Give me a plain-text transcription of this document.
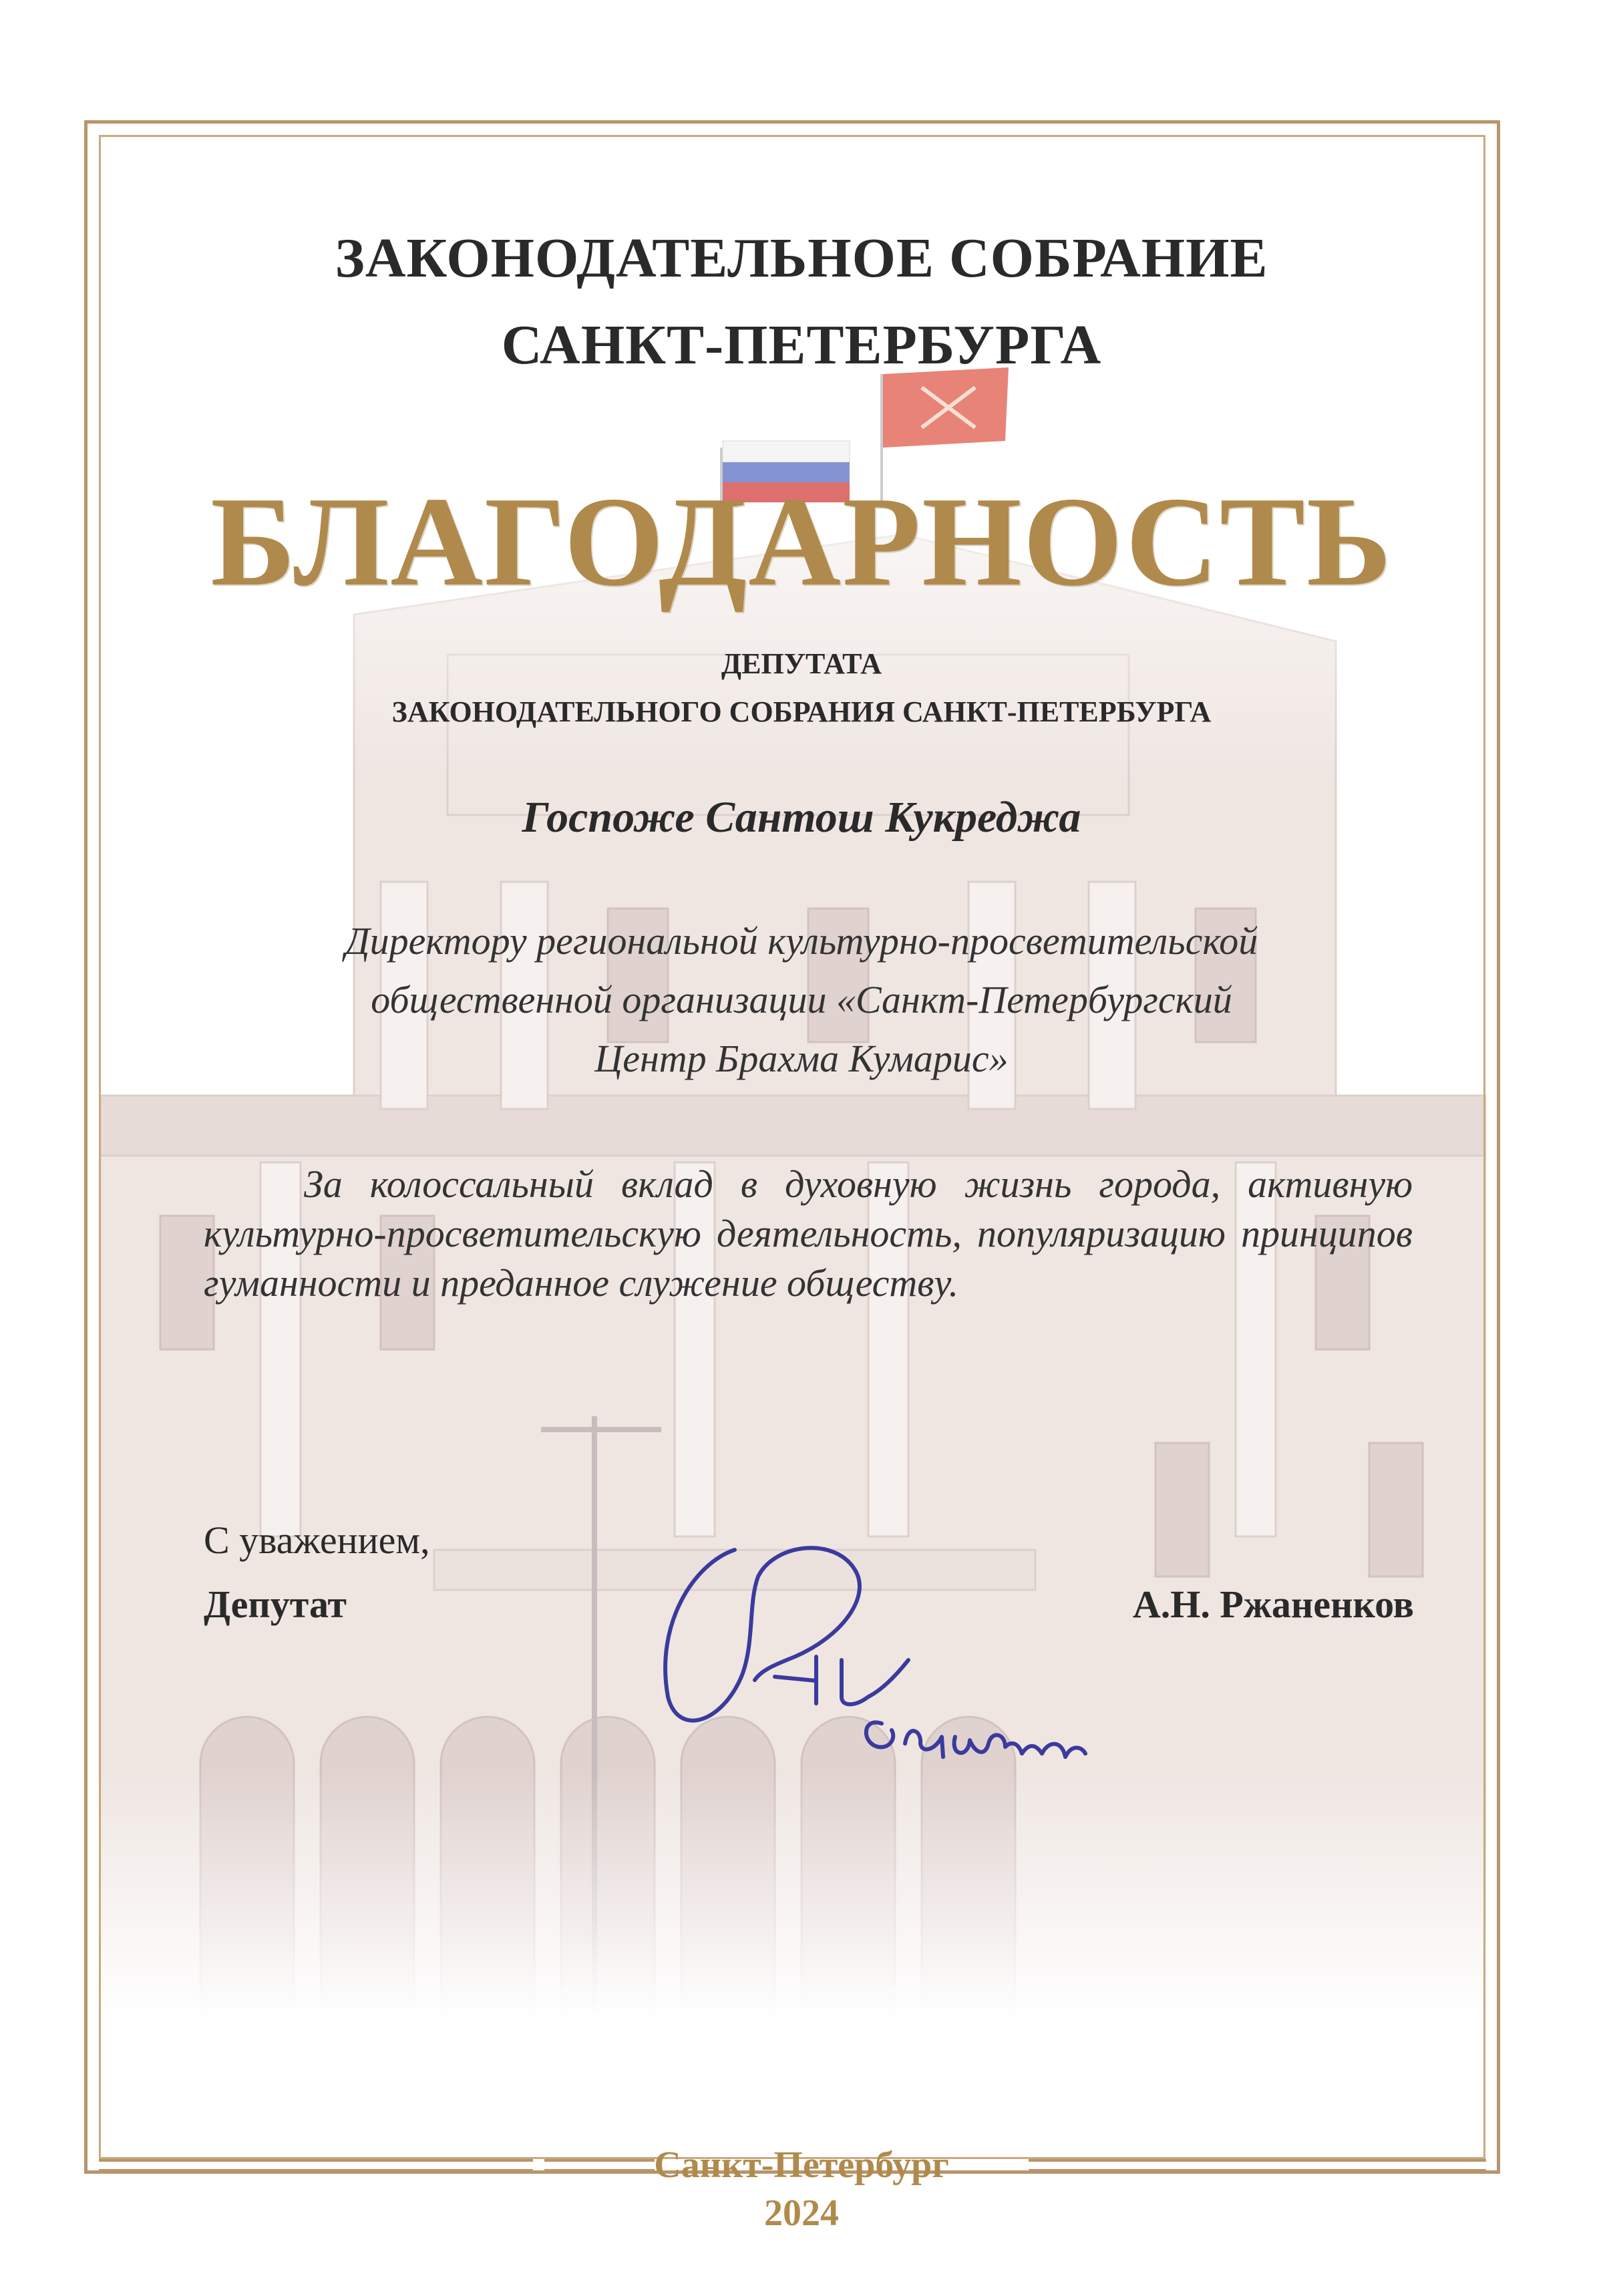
ЗАКОНОДАТЕЛЬНОЕ СОБРАНИЕ
САНКТ-ПЕТЕРБУРГА
БЛАГОДАРНОСТЬ
ДЕПУТАТА
ЗАКОНОДАТЕЛЬНОГО СОБРАНИЯ САНКТ-ПЕТЕРБУРГА
Госпоже Сантош Кукреджа
Директору региональной культурно-просветительской
общественной организации «Санкт-Петербургский
Центр Брахма Кумарис»
За колоссальный вклад в духовную жизнь города, активную культурно-просветительскую деятельность, популяризацию принципов гуманности и преданное служение обществу.
С уважением,
Депутат	А.Н. Ржаненков
Санкт-Петербург
2024
